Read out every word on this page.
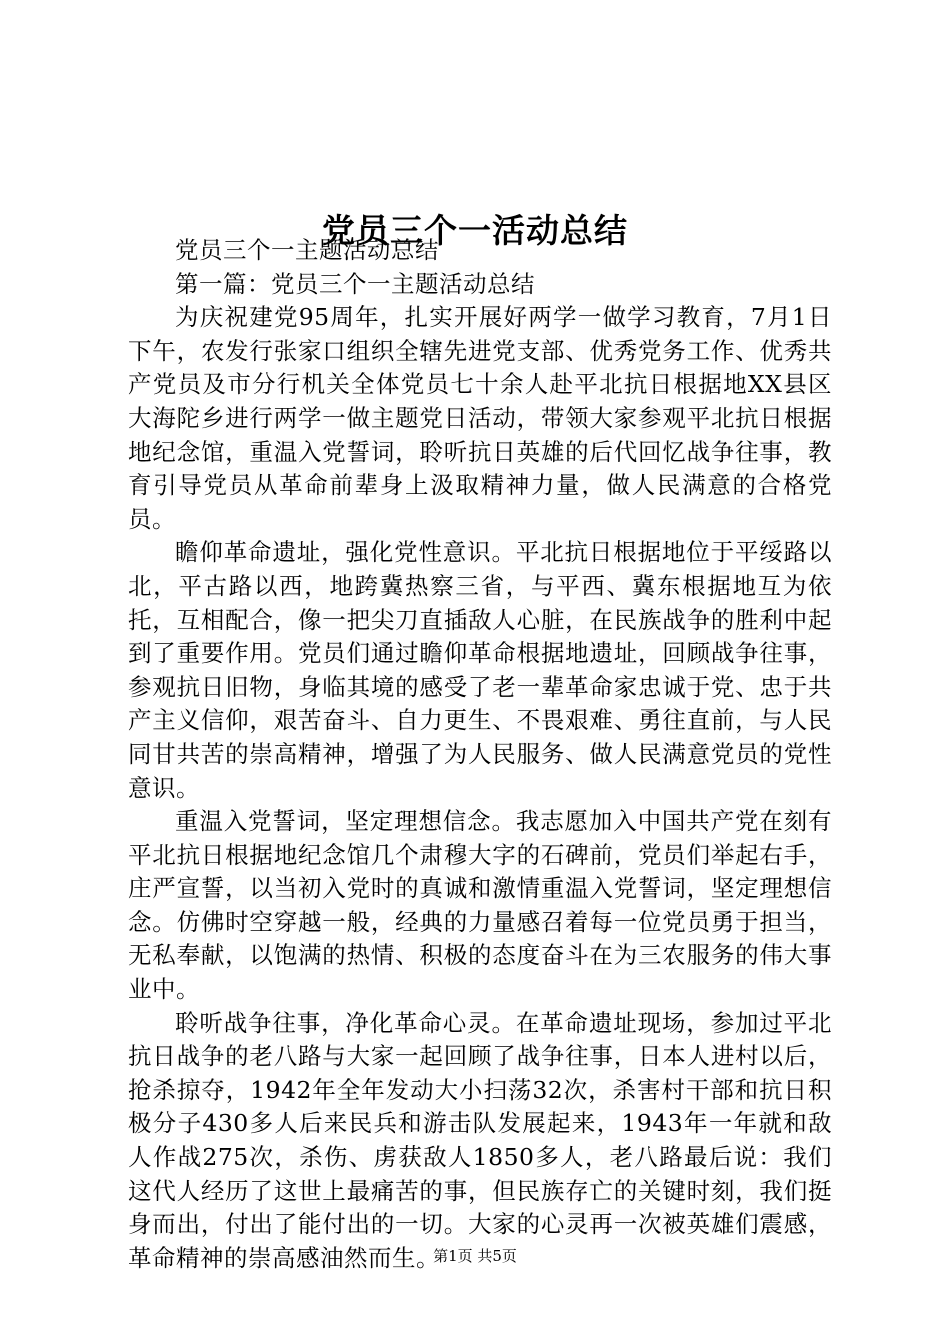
党员三个一活动总结

党员三个一主题活动总结

第一篇：党员三个一主题活动总结

为庆祝建党95周年，扎实开展好两学一做学习教育，7月1日下午，农发行张家口组织全辖先进党支部、优秀党务工作、优秀共产党员及市分行机关全体党员七十余人赴平北抗日根据地XX县区大海陀乡进行两学一做主题党日活动，带领大家参观平北抗日根据地纪念馆，重温入党誓词，聆听抗日英雄的后代回忆战争往事，教育引导党员从革命前辈身上汲取精神力量，做人民满意的合格党员。

瞻仰革命遗址，强化党性意识。平北抗日根据地位于平绥路以北，平古路以西，地跨冀热察三省，与平西、冀东根据地互为依托，互相配合，像一把尖刀直插敌人心脏，在民族战争的胜利中起到了重要作用。党员们通过瞻仰革命根据地遗址，回顾战争往事，参观抗日旧物，身临其境的感受了老一辈革命家忠诚于党、忠于共产主义信仰，艰苦奋斗、自力更生、不畏艰难、勇往直前，与人民同甘共苦的崇高精神，增强了为人民服务、做人民满意党员的党性意识。

重温入党誓词，坚定理想信念。我志愿加入中国共产党在刻有平北抗日根据地纪念馆几个肃穆大字的石碑前，党员们举起右手，庄严宣誓，以当初入党时的真诚和激情重温入党誓词，坚定理想信念。仿佛时空穿越一般，经典的力量感召着每一位党员勇于担当，无私奉献，以饱满的热情、积极的态度奋斗在为三农服务的伟大事业中。

聆听战争往事，净化革命心灵。在革命遗址现场，参加过平北抗日战争的老八路与大家一起回顾了战争往事，日本人进村以后，抢杀掠夺，1942年全年发动大小扫荡32次，杀害村干部和抗日积极分子430多人后来民兵和游击队发展起来，1943年一年就和敌人作战275次，杀伤、虏获敌人1850多人，老八路最后说：我们这代人经历了这世上最痛苦的事，但民族存亡的关键时刻，我们挺身而出，付出了能付出的一切。大家的心灵再一次被英雄们震感，革命精神的崇高感油然而生。

第1页 共5页
